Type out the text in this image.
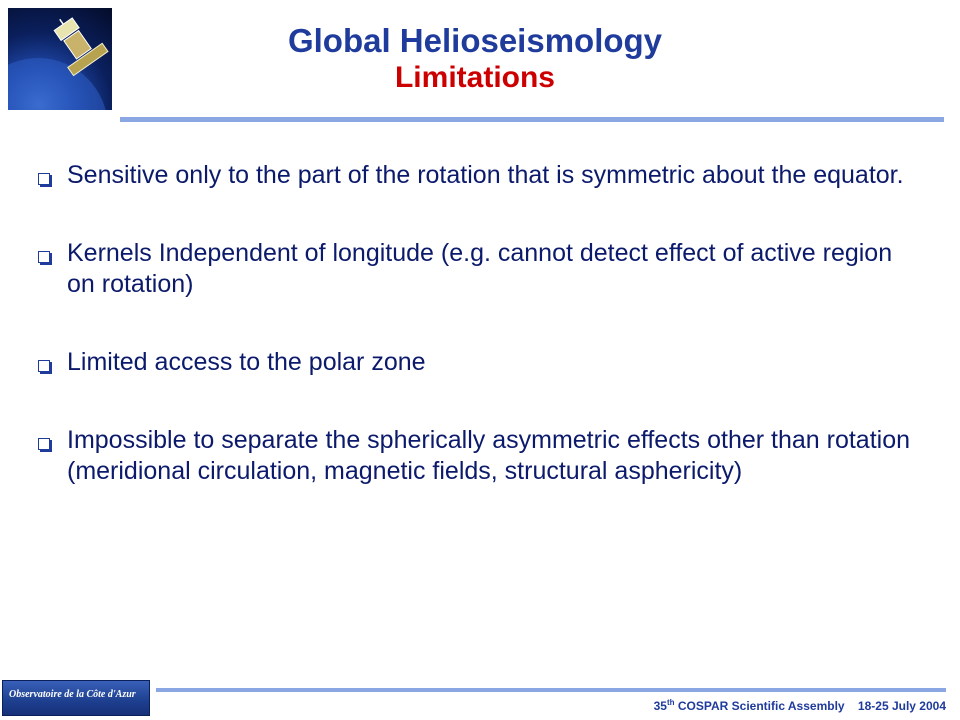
Global Helioseismology
Limitations
Sensitive only to the part of the rotation that is symmetric about the equator.
Kernels Independent of longitude (e.g. cannot detect effect of active region on rotation)
Limited access to the polar zone
Impossible to separate the spherically asymmetric effects other than rotation (meridional circulation, magnetic fields, structural asphericity)
Observatoire de la Côte d'Azur
35th COSPAR Scientific Assembly 18-25 July 2004
